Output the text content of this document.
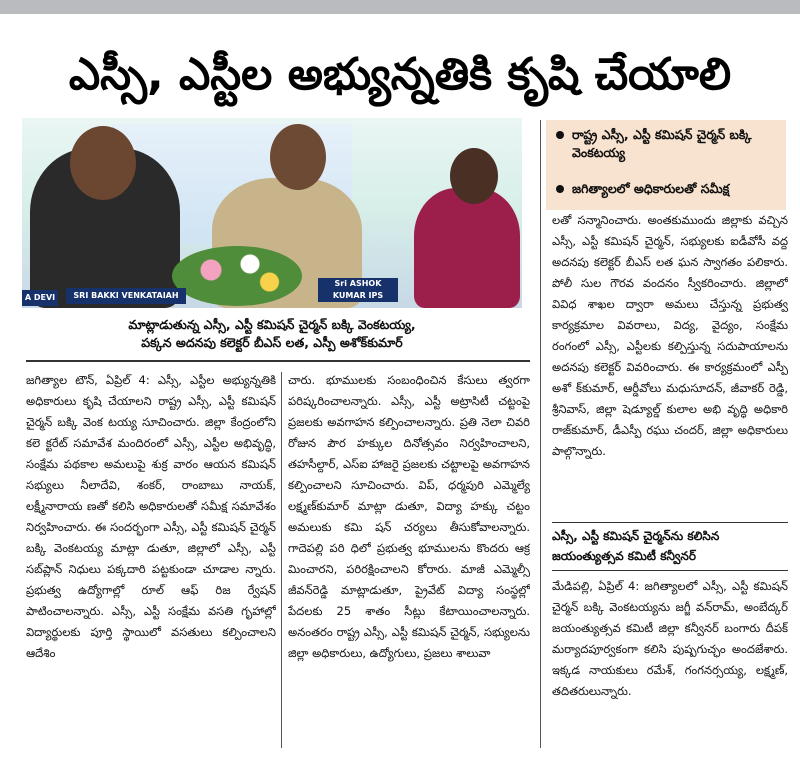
ఎస్సీ, ఎస్టీల అభ్యున్నతికి కృషి చేయాలి
A DEVI	SRI BAKKI VENKATAIAH
Sri ASHOK KUMAR IPS

మాట్లాడుతున్న ఎస్సీ, ఎస్టీ కమిషన్ చైర్మన్ బక్కి వెంకటయ్య,
పక్కన అదనపు కలెక్టర్ బీఎస్ లత, ఎస్పీ అశోక్‌కుమార్
రాష్ట్ర ఎస్సీ, ఎస్టీ కమిషన్ చైర్మన్ బక్కి వెంకటయ్య
జగిత్యాలలో అధికారులతో సమీక్ష
జగిత్యాల టౌన్, ఏప్రిల్ 4: ఎస్సీ, ఎస్టీల అభ్యున్నతికి అధికారులు కృషి చేయాలని రాష్ట్ర ఎస్సీ, ఎస్టీ కమిషన్ చైర్మన్ బక్కి వెంక టయ్య సూచించారు. జిల్లా కేంద్రంలోని కలె క్టరేట్ సమావేశ మందిరంలో ఎస్సీ, ఎస్టీల అభివృద్ధి, సంక్షేమ పథకాల అమలుపై శుక్ర వారం ఆయన కమిషన్ సభ్యులు నీలాదేవి, శంకర్, రాంబాబు నాయక్, లక్ష్మీనారాయ ణతో కలిసి అధికారులతో సమీక్ష సమావేశం నిర్వహించారు. ఈ సందర్భంగా ఎస్సీ, ఎస్టీ కమిషన్ చైర్మన్ బక్కి వెంకటయ్య మాట్లా డుతూ, జిల్లాలో ఎస్సీ, ఎస్టీ సబ్‌ప్లాన్ నిధులు పక్కదారి పట్టకుండా చూడాల న్నారు. ప్రభుత్వ ఉద్యోగాల్లో రూల్ ఆఫ్ రిజ ర్వేషన్ పాటించాలన్నారు. ఎస్సీ, ఎస్టీ సంక్షేమ వసతి గృహాల్లో విద్యార్థులకు పూర్తి స్థాయిలో వసతులు కల్పించాలని ఆదేశిం
చారు. భూములకు సంబంధించిన కేసులు త్వరగా పరిష్కరించాలన్నారు. ఎస్సీ, ఎస్టీ అట్రాసిటీ చట్టంపై ప్రజలకు అవగాహన కల్పించాలన్నారు. ప్రతి నెలా చివరి రోజున పౌర హక్కుల దినోత్సవం నిర్వహించాలని, తహసీల్దార్, ఎస్‌ఐ హాజరై ప్రజలకు చట్టాలపై అవగాహన కల్పించాలని సూచించారు. విప్, ధర్మపురి ఎమ్మెల్యే లక్ష్మణ్‌కుమార్ మాట్లా డుతూ, విద్యా హక్కు చట్టం అమలుకు కమి షన్ చర్యలు తీసుకోవాలన్నారు. గాదెపల్లి పరి ధిలో ప్రభుత్వ భూములను కొందరు ఆక్ర మించారని, పరిరక్షించాలని కోరారు. మాజీ ఎమ్మెల్సీ జీవన్‌రెడ్డి మాట్లాడుతూ, ప్రైవేట్ విద్యా సంస్థల్లో పేదలకు 25 శాతం సీట్లు కేటాయించాలన్నారు. అనంతరం రాష్ట్ర ఎస్సీ, ఎస్టీ కమిషన్ చైర్మన్, సభ్యులను జిల్లా అధికారులు, ఉద్యోగులు, ప్రజలు శాలువా
లతో సన్మానించారు. అంతకుముందు జిల్లాకు వచ్చిన ఎస్సీ, ఎస్టీ కమిషన్ చైర్మన్, సభ్యులకు ఐడీవోసీ వద్ద అదనపు కలెక్టర్ బీఎస్ లత ఘన స్వాగతం పలికారు. పోలీ సుల గౌరవ వందనం స్వీకరించారు. జిల్లాలో వివిధ శాఖల ద్వారా అమలు చేస్తున్న ప్రభుత్వ కార్యక్రమాల వివరాలు, విద్య, వైద్యం, సంక్షేమ రంగంలో ఎస్సీ, ఎస్టీలకు కల్పిస్తున్న సదుపాయాలను అదనపు కలెక్టర్ వివరించారు. ఈ కార్యక్రమంలో ఎస్పీ అశో క్‌కుమార్, ఆర్డీవోలు మధుసూదన్, జీవాకర్ రెడ్డి, శ్రీనివాస్, జిల్లా షెడ్యూల్డ్ కులాల అభి వృద్ధి అధికారి రాజ్‌కుమార్, డీఎస్పీ రఘు చందర్, జిల్లా అధికారులు పాల్గొన్నారు.
ఎస్సీ, ఎస్టీ కమిషన్ చైర్మన్‌ను కలిసిన
జయంత్యుత్సవ కమిటీ కన్వీనర్
మేడిపల్లి, ఏప్రిల్ 4: జగిత్యాలలో ఎస్సీ, ఎస్టీ కమిషన్ చైర్మన్ బక్కి వెంకటయ్యను జగ్జీ వన్‌రామ్, అంబేద్కర్ జయంత్యుత్సవ కమిటీ జిల్లా కన్వీనర్ బంగారు దీపక్ మర్యాదపూర్వకంగా కలిసి పుష్పగుచ్ఛం అందజేశారు. ఇక్కడ నాయకులు రమేశ్, గంగనర్సయ్య, లక్ష్మణ్, తదితరులున్నారు.
